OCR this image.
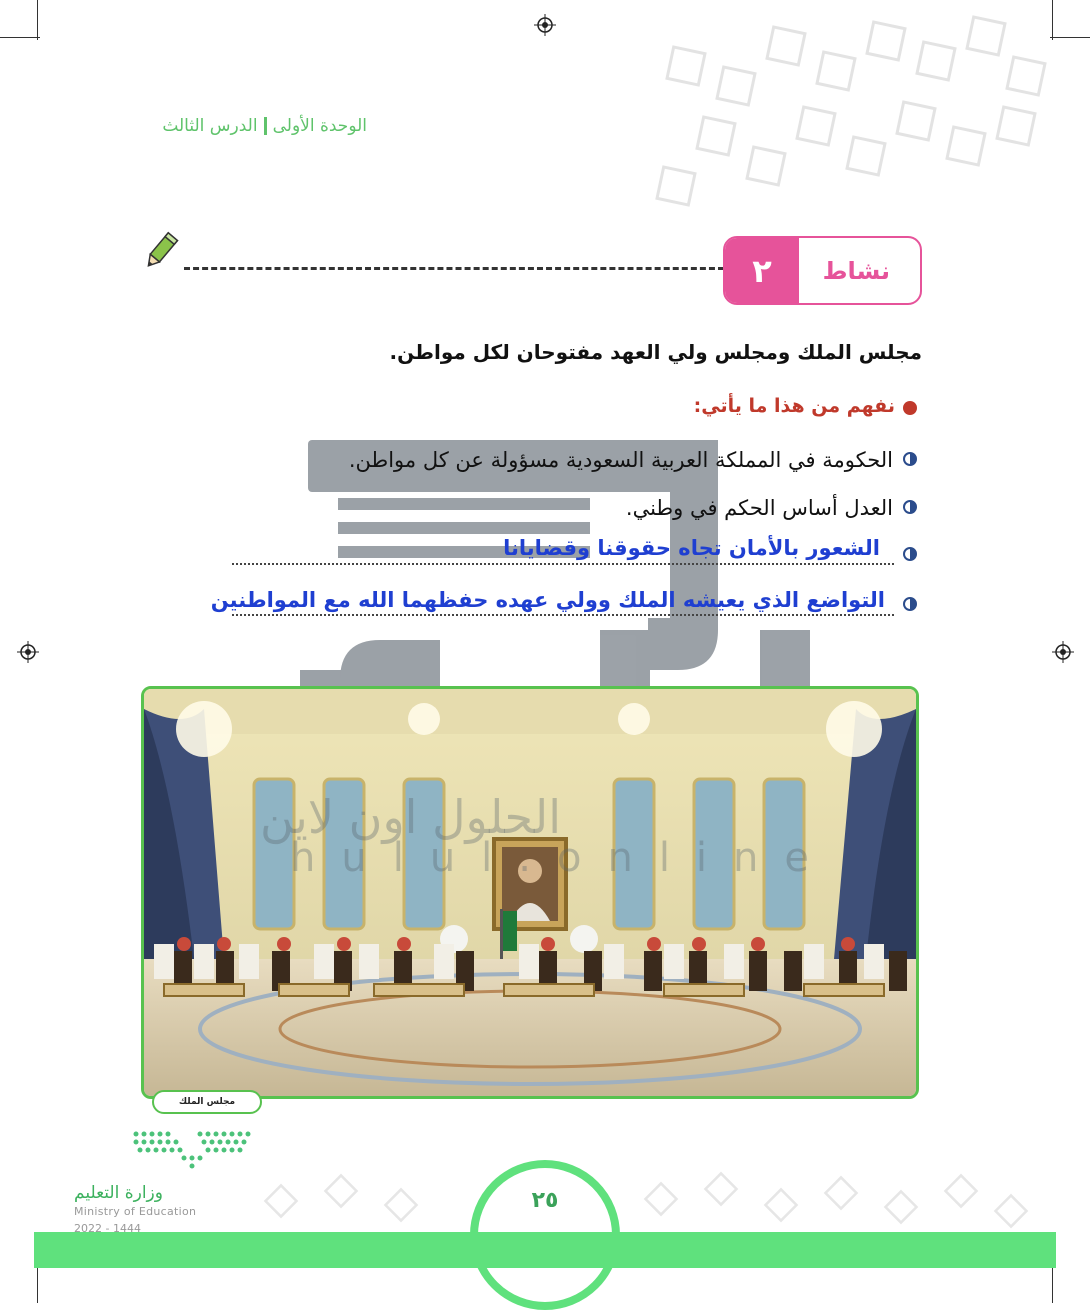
الوحدة الأولىالدرس الثالث
٢	نشاط
مجلس الملك ومجلس ولي العهد مفتوحان لكل مواطن.
نفهم من هذا ما يأتي:
الحكومة في المملكة العربية السعودية مسؤولة عن كل مواطن.
العدل أساس الحكم في وطني.
الشعور بالأمان تجاه حقوقنا وقضايانا
التواضع الذي يعيشه الملك وولي عهده حفظهما الله مع المواطنين
الحلول اون لاين
hulul.online
مجلس الملك
وزارة التعليم
Ministry of Education
2022 - 1444
٢٥
